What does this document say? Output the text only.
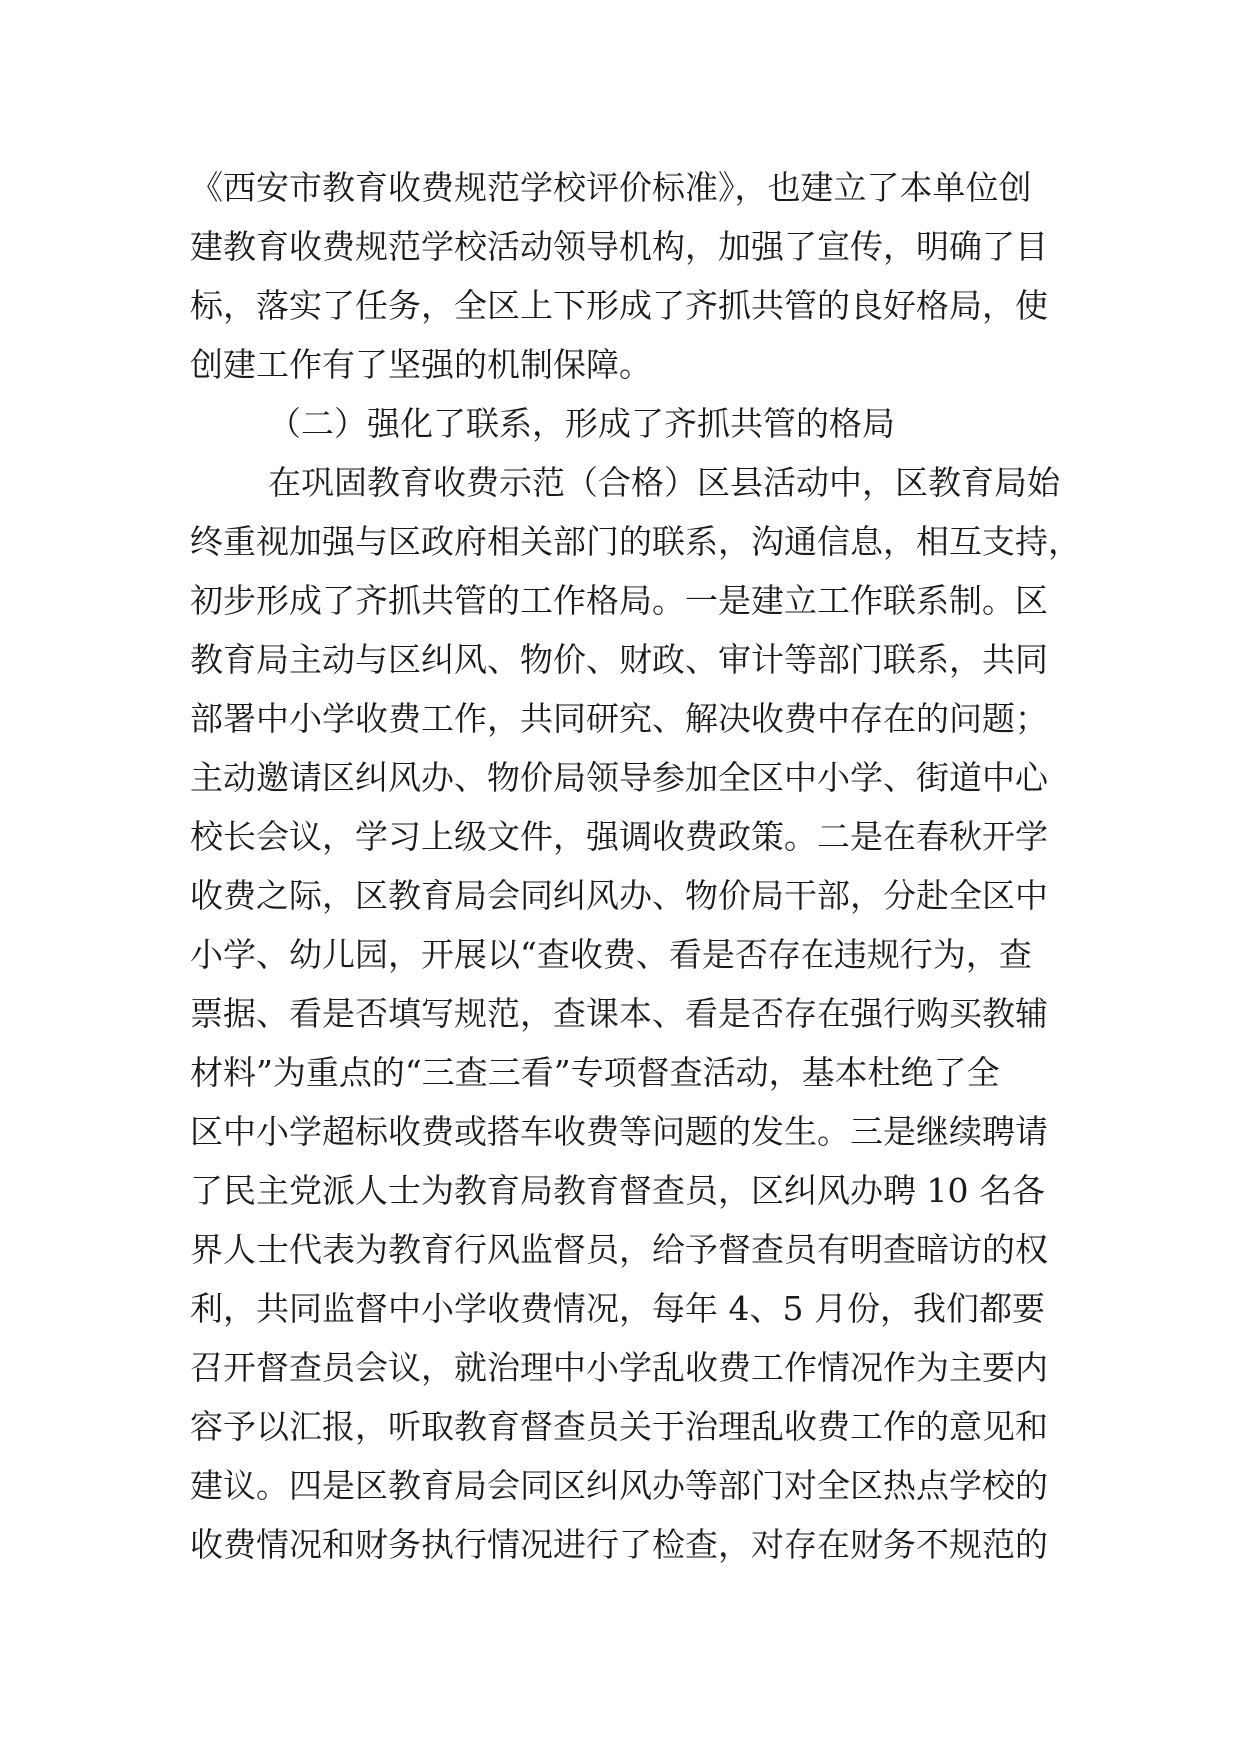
《西安市教育收费规范学校评价标准》，也建立了本单位创
建教育收费规范学校活动领导机构，加强了宣传，明确了目
标，落实了任务，全区上下形成了齐抓共管的良好格局，使
创建工作有了坚强的机制保障。
（二）强化了联系，形成了齐抓共管的格局
在巩固教育收费示范（合格）区县活动中，区教育局始
终重视加强与区政府相关部门的联系，沟通信息，相互支持，
初步形成了齐抓共管的工作格局。一是建立工作联系制。区
教育局主动与区纠风、物价、财政、审计等部门联系，共同
部署中小学收费工作，共同研究、解决收费中存在的问题；
主动邀请区纠风办、物价局领导参加全区中小学、街道中心
校长会议，学习上级文件，强调收费政策。二是在春秋开学
收费之际，区教育局会同纠风办、物价局干部，分赴全区中
小学、幼儿园，开展以“查收费、看是否存在违规行为，查
票据、看是否填写规范，查课本、看是否存在强行购买教辅
材料”为重点的“三查三看”专项督查活动，基本杜绝了全
区中小学超标收费或搭车收费等问题的发生。三是继续聘请
了民主党派人士为教育局教育督查员，区纠风办聘 10 名各
界人士代表为教育行风监督员，给予督查员有明查暗访的权
利，共同监督中小学收费情况，每年 4、5 月份，我们都要
召开督查员会议，就治理中小学乱收费工作情况作为主要内
容予以汇报，听取教育督查员关于治理乱收费工作的意见和
建议。四是区教育局会同区纠风办等部门对全区热点学校的
收费情况和财务执行情况进行了检查，对存在财务不规范的
